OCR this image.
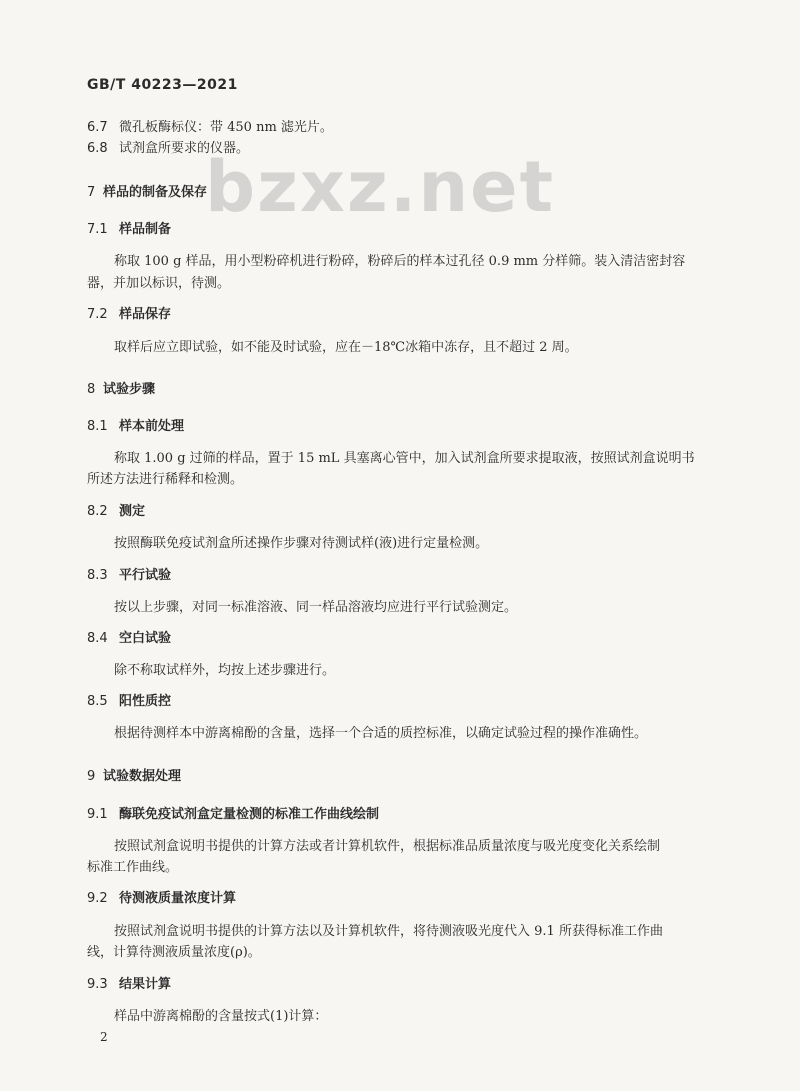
GB/T 40223—2021
bzxz.net
6.7 微孔板酶标仪：带 450 nm 滤光片。
6.8 试剂盒所要求的仪器。
7 样品的制备及保存
7.1 样品制备
称取 100 g 样品，用小型粉碎机进行粉碎，粉碎后的样本过孔径 0.9 mm 分样筛。装入清洁密封容
器，并加以标识，待测。
7.2 样品保存
取样后应立即试验，如不能及时试验，应在－18℃冰箱中冻存，且不超过 2 周。
8 试验步骤
8.1 样本前处理
称取 1.00 g 过筛的样品，置于 15 mL 具塞离心管中，加入试剂盒所要求提取液，按照试剂盒说明书
所述方法进行稀释和检测。
8.2 测定
按照酶联免疫试剂盒所述操作步骤对待测试样(液)进行定量检测。
8.3 平行试验
按以上步骤，对同一标准溶液、同一样品溶液均应进行平行试验测定。
8.4 空白试验
除不称取试样外，均按上述步骤进行。
8.5 阳性质控
根据待测样本中游离棉酚的含量，选择一个合适的质控标准，以确定试验过程的操作准确性。
9 试验数据处理
9.1 酶联免疫试剂盒定量检测的标准工作曲线绘制
按照试剂盒说明书提供的计算方法或者计算机软件，根据标准品质量浓度与吸光度变化关系绘制
标准工作曲线。
9.2 待测液质量浓度计算
按照试剂盒说明书提供的计算方法以及计算机软件，将待测液吸光度代入 9.1 所获得标准工作曲
线，计算待测液质量浓度(ρ)。
9.3 结果计算
样品中游离棉酚的含量按式(1)计算：
2
